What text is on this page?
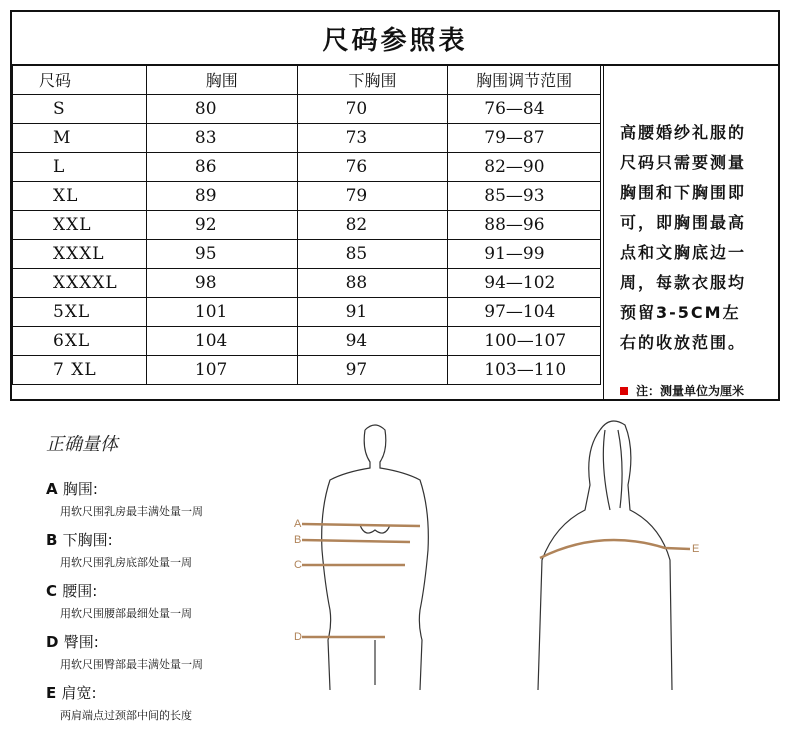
尺码参照表
尺码	胸围	下胸围	胸围调节范围
S	80	70	76—84
M	83	73	79—87
L	86	76	82—90
XL	89	79	85—93
XXL	92	82	88—96
XXXL	95	85	91—99
XXXXL	98	88	94—102
5XL	101	91	97—104
6XL	104	94	100—107
7 XL	107	97	103—110
高腰婚纱礼服的
尺码只需要测量
胸围和下胸围即
可，即胸围最高
点和文胸底边一
周，每款衣服均
预留3-5CM左
右的收放范围。
注：测量单位为厘米
正确量体
A 胸围:
用软尺围乳房最丰满处量一周
B 下胸围:
用软尺围乳房底部处量一周
C 腰围:
用软尺围腰部最细处量一周
D 臀围:
用软尺围臀部最丰满处量一周
E 肩宽:
两肩端点过颈部中间的长度
A
B
C
D
E
